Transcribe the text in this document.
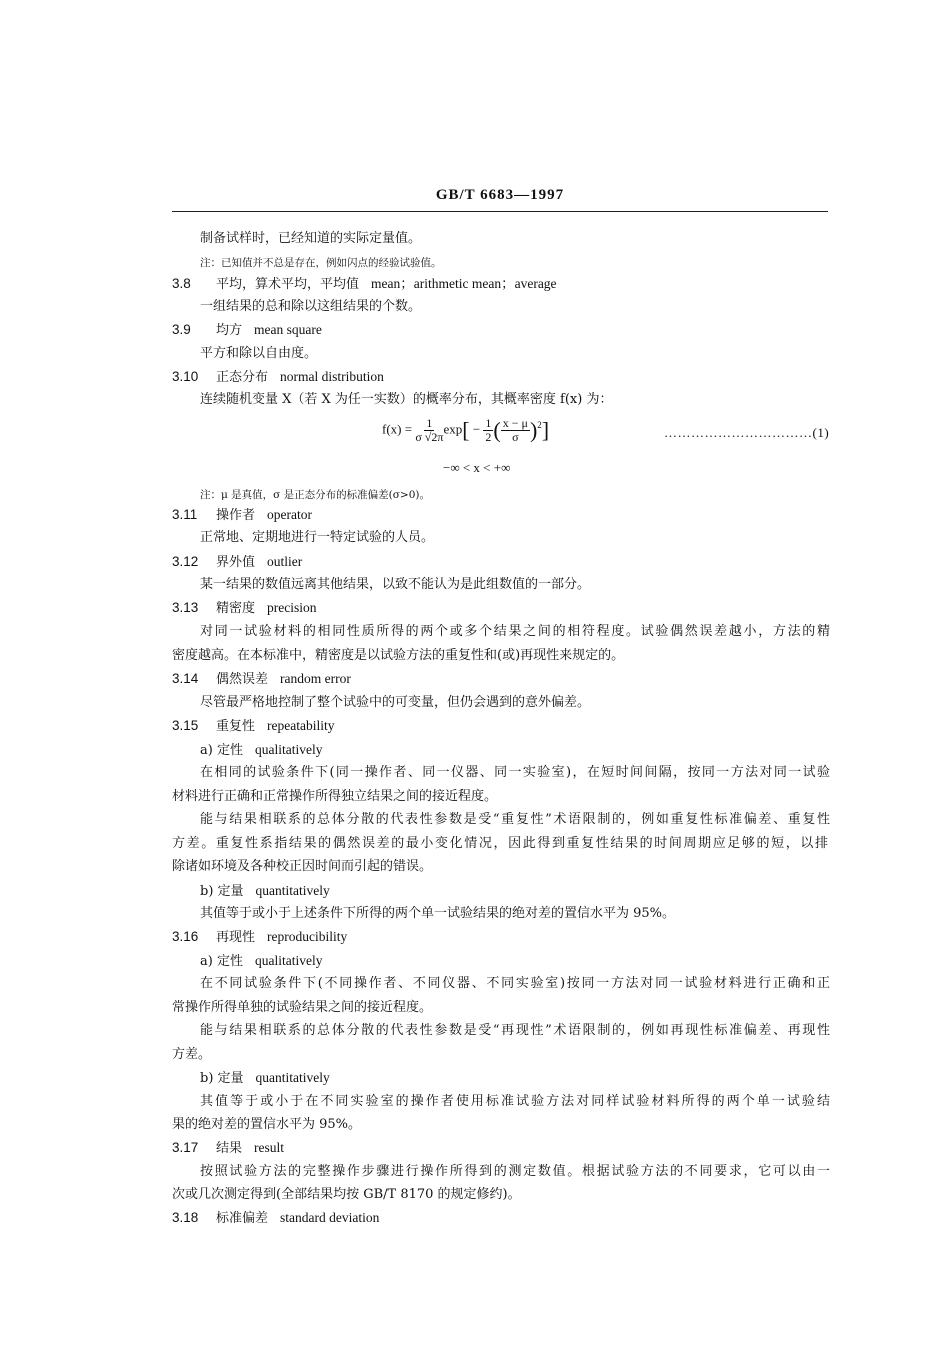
GB/T 6683—1997
制备试样时，已经知道的实际定量值。
注：已知值并不总是存在，例如闪点的经验试验值。
3.8 平均，算术平均，平均值 mean；arithmetic mean；average
一组结果的总和除以这组结果的个数。
3.9 均方 mean square
平方和除以自由度。
3.10 正态分布 normal distribution
连续随机变量 X（若 X 为任一实数）的概率分布，其概率密度 f(x) 为：
$f(x) = \frac{1}{\sigma √2\pi} \exp[ - \frac{1}{2}$ ( $\frac{x - \mu}{\sigma} )^2$]	……………………………(1)
−∞ < x < +∞
注：μ 是真值，σ 是正态分布的标准偏差(σ>0)。
3.11 操作者 operator
正常地、定期地进行一特定试验的人员。
3.12 界外值 outlier
某一结果的数值远离其他结果，以致不能认为是此组数值的一部分。
3.13 精密度 precision
对同一试验材料的相同性质所得的两个或多个结果之间的相符程度。试验偶然误差越小，方法的精
密度越高。在本标准中，精密度是以试验方法的重复性和(或)再现性来规定的。
3.14 偶然误差 random error
尽管最严格地控制了整个试验中的可变量，但仍会遇到的意外偏差。
3.15 重复性 repeatability
a) 定性 qualitatively
在相同的试验条件下(同一操作者、同一仪器、同一实验室)，在短时间间隔，按同一方法对同一试验
材料进行正确和正常操作所得独立结果之间的接近程度。
能与结果相联系的总体分散的代表性参数是受“重复性”术语限制的，例如重复性标准偏差、重复性
方差。重复性系指结果的偶然误差的最小变化情况，因此得到重复性结果的时间周期应足够的短，以排
除诸如环境及各种校正因时间而引起的错误。
b) 定量 quantitatively
其值等于或小于上述条件下所得的两个单一试验结果的绝对差的置信水平为 95%。
3.16 再现性 reproducibility
a) 定性 qualitatively
在不同试验条件下(不同操作者、不同仪器、不同实验室)按同一方法对同一试验材料进行正确和正
常操作所得单独的试验结果之间的接近程度。
能与结果相联系的总体分散的代表性参数是受“再现性”术语限制的，例如再现性标准偏差、再现性
方差。
b) 定量 quantitatively
其值等于或小于在不同实验室的操作者使用标准试验方法对同样试验材料所得的两个单一试验结
果的绝对差的置信水平为 95%。
3.17 结果 result
按照试验方法的完整操作步骤进行操作所得到的测定数值。根据试验方法的不同要求，它可以由一
次或几次测定得到(全部结果均按 GB/T 8170 的规定修约)。
3.18 标准偏差 standard deviation
